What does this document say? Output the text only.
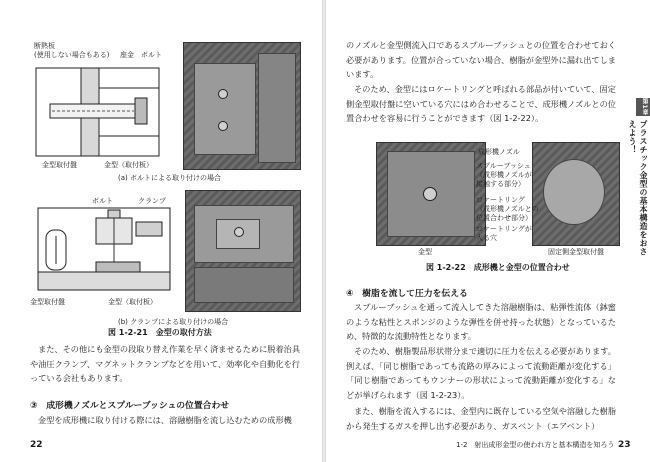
断熱板
(使用しない場合もある) 座金 ボルト
金型取付盤	金型（取付板）
(a) ボルトによる取り付けの場合
ボルト	クランプ
金型取付盤	金型（取付板）
(b) クランプによる取り付けの場合
図 1-2-21　金型の取付方法

また、その他にも金型の段取り替え作業を早く済ませるために脱着治具や油圧クランプ、マグネットクランプなどを用いて、効率化や自動化を行っている会社もあります。

③　成形機ノズルとスプルーブッシュの位置合わせ

金型を成形機に取り付ける際には、溶融樹脂を流し込むための成形機

22

のノズルと金型側流入口であるスプルーブッシュとの位置を合わせておく必要があります。位置が合っていない場合、樹脂が金型外に漏れ出てしまいます。

そのため、金型にはロケートリングと呼ばれる部品が付いていて、固定側金型取付盤に空いている穴にはめ合わせることで、成形機ノズルとの位置合わせを容易に行うことができます（図 1-2-22）。

成形機ノズル
スプルーブッシュ
（成形機ノズルが
接触する部分）
ロケートリング
（成形機ノズルとの
位置合わせ部分）
ロケートリングが
入る穴
金型	固定側金型取付盤
図 1-2-22　成形機と金型の位置合わせ
④　樹脂を流して圧力を伝える

スプルーブッシュを通って流入してきた溶融樹脂は、粘弾性流体（鉢蜜のような粘性とスポンジのような弾性を併せ持った状態）となっているため、特徴的な流動特性となります。

そのため、樹脂製品形状帯分まで適切に圧力を伝える必要があります。例えば、「同じ樹脂であっても流路の厚みによって流動距離が変化する」「同じ樹脂であってもウンナーの形状によって流動距離が変化する」などが挙げられます（図 1-2-23）。

また、樹脂を流入するには、金型内に既存している空気や溶融した樹脂から発生するガスを押し出す必要があり、ガスベント（エアベント）

第1章
プラスチック金型の基本構造をおさえよう！
1-2　射出成形金型の使われ方と基本構造を知ろう 23
